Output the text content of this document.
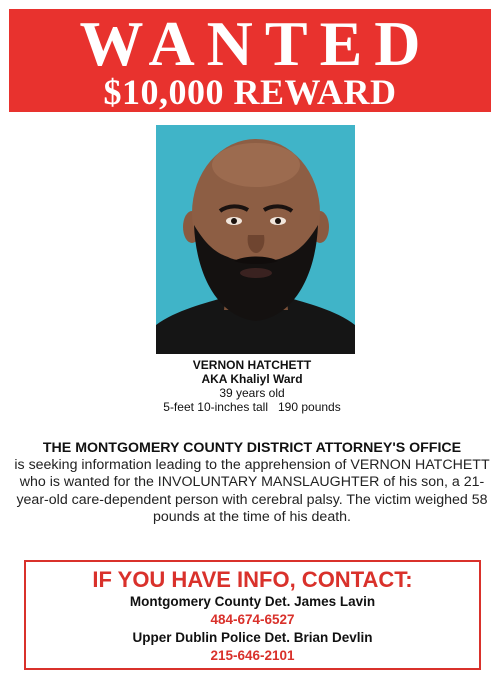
WANTED
$10,000 REWARD
VERNON HATCHETT
AKA Khaliyl Ward
39 years old
5-feet 10-inches tall 190 pounds
THE MONTGOMERY COUNTY DISTRICT ATTORNEY'S OFFICE
is seeking information leading to the apprehension of VERNON HATCHETT who is wanted for the INVOLUNTARY MANSLAUGHTER of his son, a 21-year-old care-dependent person with cerebral palsy. The victim weighed 58 pounds at the time of his death.
IF YOU HAVE INFO, CONTACT:
Montgomery County Det. James Lavin
484-674-6527
Upper Dublin Police Det. Brian Devlin
215-646-2101
